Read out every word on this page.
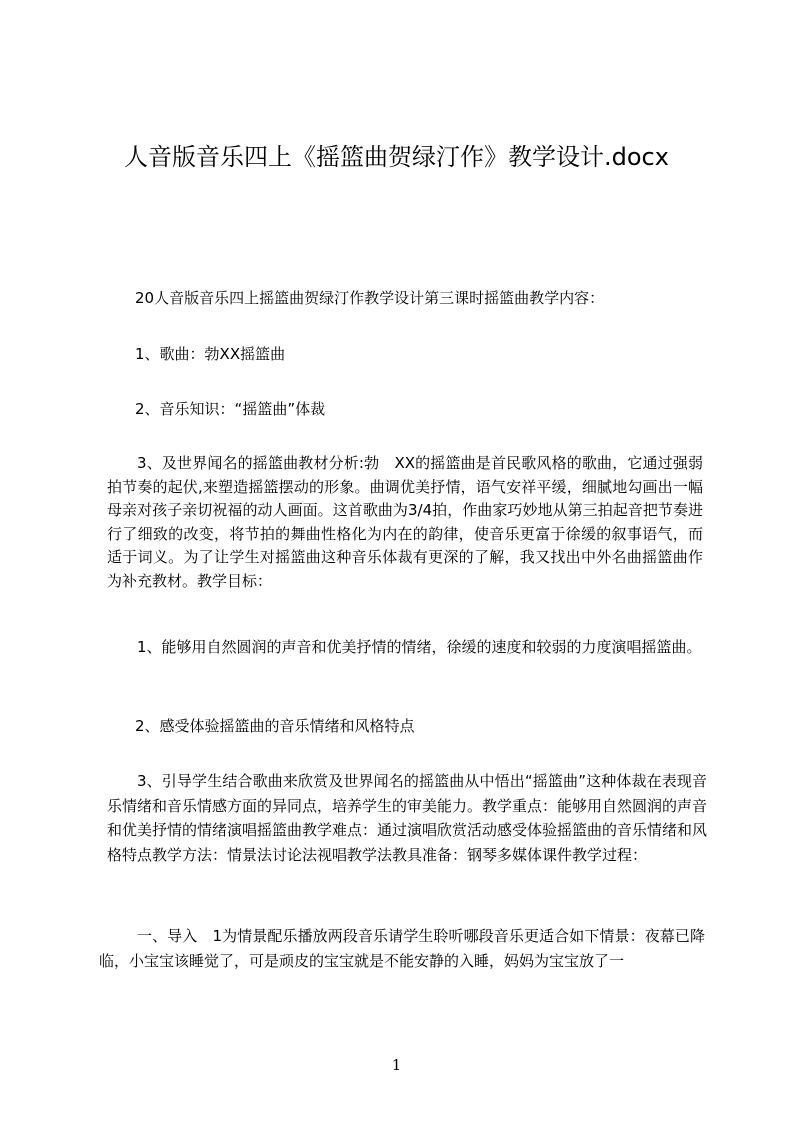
人音版音乐四上《摇篮曲贺绿汀作》教学设计.docx

20人音版音乐四上摇篮曲贺绿汀作教学设计第三课时摇篮曲教学内容：

1、歌曲：勃XX摇篮曲

2、音乐知识：“摇篮曲”体裁

3、及世界闻名的摇篮曲教材分析:勃　XX的摇篮曲是首民歌风格的歌曲，它通过强弱拍节奏的起伏,来塑造摇篮摆动的形象。曲调优美抒情，语气安祥平缓，细腻地勾画出一幅母亲对孩子亲切祝福的动人画面。这首歌曲为3/4拍，作曲家巧妙地从第三拍起音把节奏进行了细致的改变，将节拍的舞曲性格化为内在的韵律，使音乐更富于徐缓的叙事语气，而适于词义。为了让学生对摇篮曲这种音乐体裁有更深的了解，我又找出中外名曲摇篮曲作为补充教材。教学目标：

1、能够用自然圆润的声音和优美抒情的情绪，徐缓的速度和较弱的力度演唱摇篮曲。

2、感受体验摇篮曲的音乐情绪和风格特点

3、引导学生结合歌曲来欣赏及世界闻名的摇篮曲从中悟出“摇篮曲”这种体裁在表现音乐情绪和音乐情感方面的异同点，培养学生的审美能力。教学重点：能够用自然圆润的声音和优美抒情的情绪演唱摇篮曲教学难点：通过演唱欣赏活动感受体验摇篮曲的音乐情绪和风格特点教学方法：情景法讨论法视唱教学法教具准备：钢琴多媒体课件教学过程：

一、导入　1为情景配乐播放两段音乐请学生聆听哪段音乐更适合如下情景：夜幕已降临，小宝宝该睡觉了，可是顽皮的宝宝就是不能安静的入睡，妈妈为宝宝放了一

1
